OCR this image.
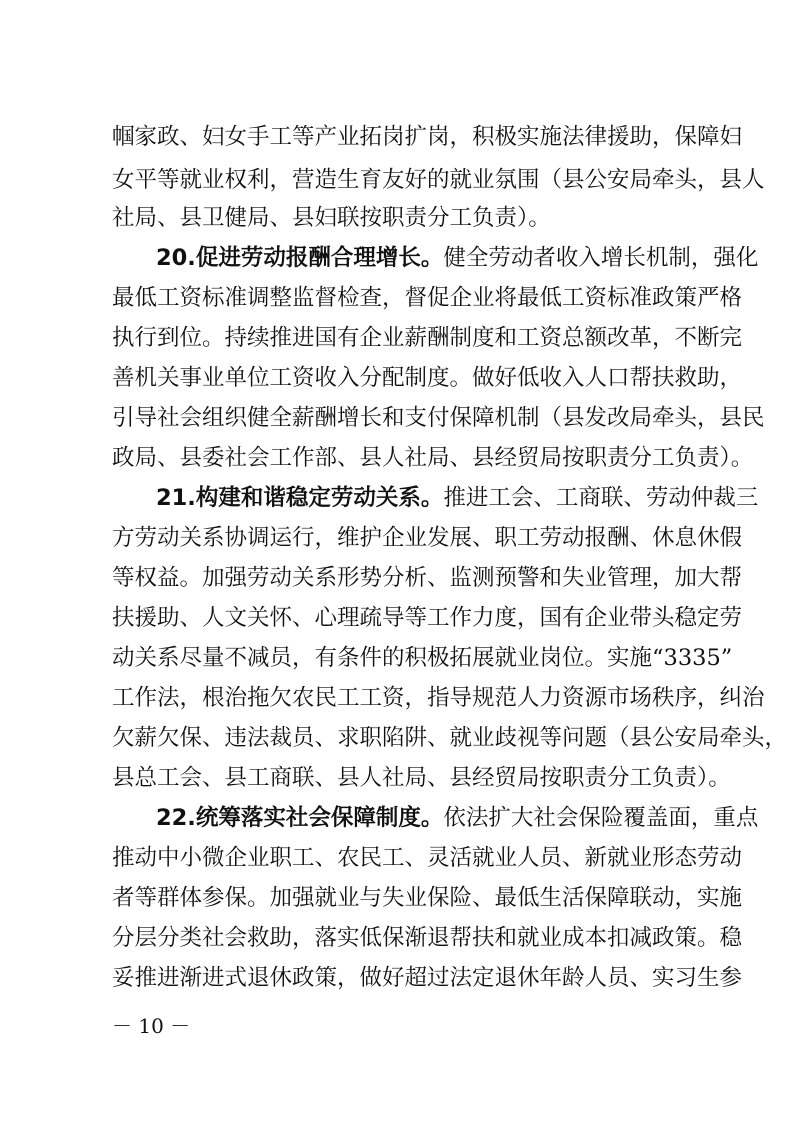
帼家政、妇女手工等产业拓岗扩岗，积极实施法律援助，保障妇
女平等就业权利，营造生育友好的就业氛围（县公安局牵头，县人
社局、县卫健局、县妇联按职责分工负责）。
20.促进劳动报酬合理增长。健全劳动者收入增长机制，强化
最低工资标准调整监督检查，督促企业将最低工资标准政策严格
执行到位。持续推进国有企业薪酬制度和工资总额改革，不断完
善机关事业单位工资收入分配制度。做好低收入人口帮扶救助，
引导社会组织健全薪酬增长和支付保障机制（县发改局牵头，县民
政局、县委社会工作部、县人社局、县经贸局按职责分工负责）。
21.构建和谐稳定劳动关系。推进工会、工商联、劳动仲裁三
方劳动关系协调运行，维护企业发展、职工劳动报酬、休息休假
等权益。加强劳动关系形势分析、监测预警和失业管理，加大帮
扶援助、人文关怀、心理疏导等工作力度，国有企业带头稳定劳
动关系尽量不减员，有条件的积极拓展就业岗位。实施“3335”
工作法，根治拖欠农民工工资，指导规范人力资源市场秩序，纠治
欠薪欠保、违法裁员、求职陷阱、就业歧视等问题（县公安局牵头，
县总工会、县工商联、县人社局、县经贸局按职责分工负责）。
22.统筹落实社会保障制度。依法扩大社会保险覆盖面，重点
推动中小微企业职工、农民工、灵活就业人员、新就业形态劳动
者等群体参保。加强就业与失业保险、最低生活保障联动，实施
分层分类社会救助，落实低保渐退帮扶和就业成本扣减政策。稳
妥推进渐进式退休政策，做好超过法定退休年龄人员、实习生参
－ 10 －
